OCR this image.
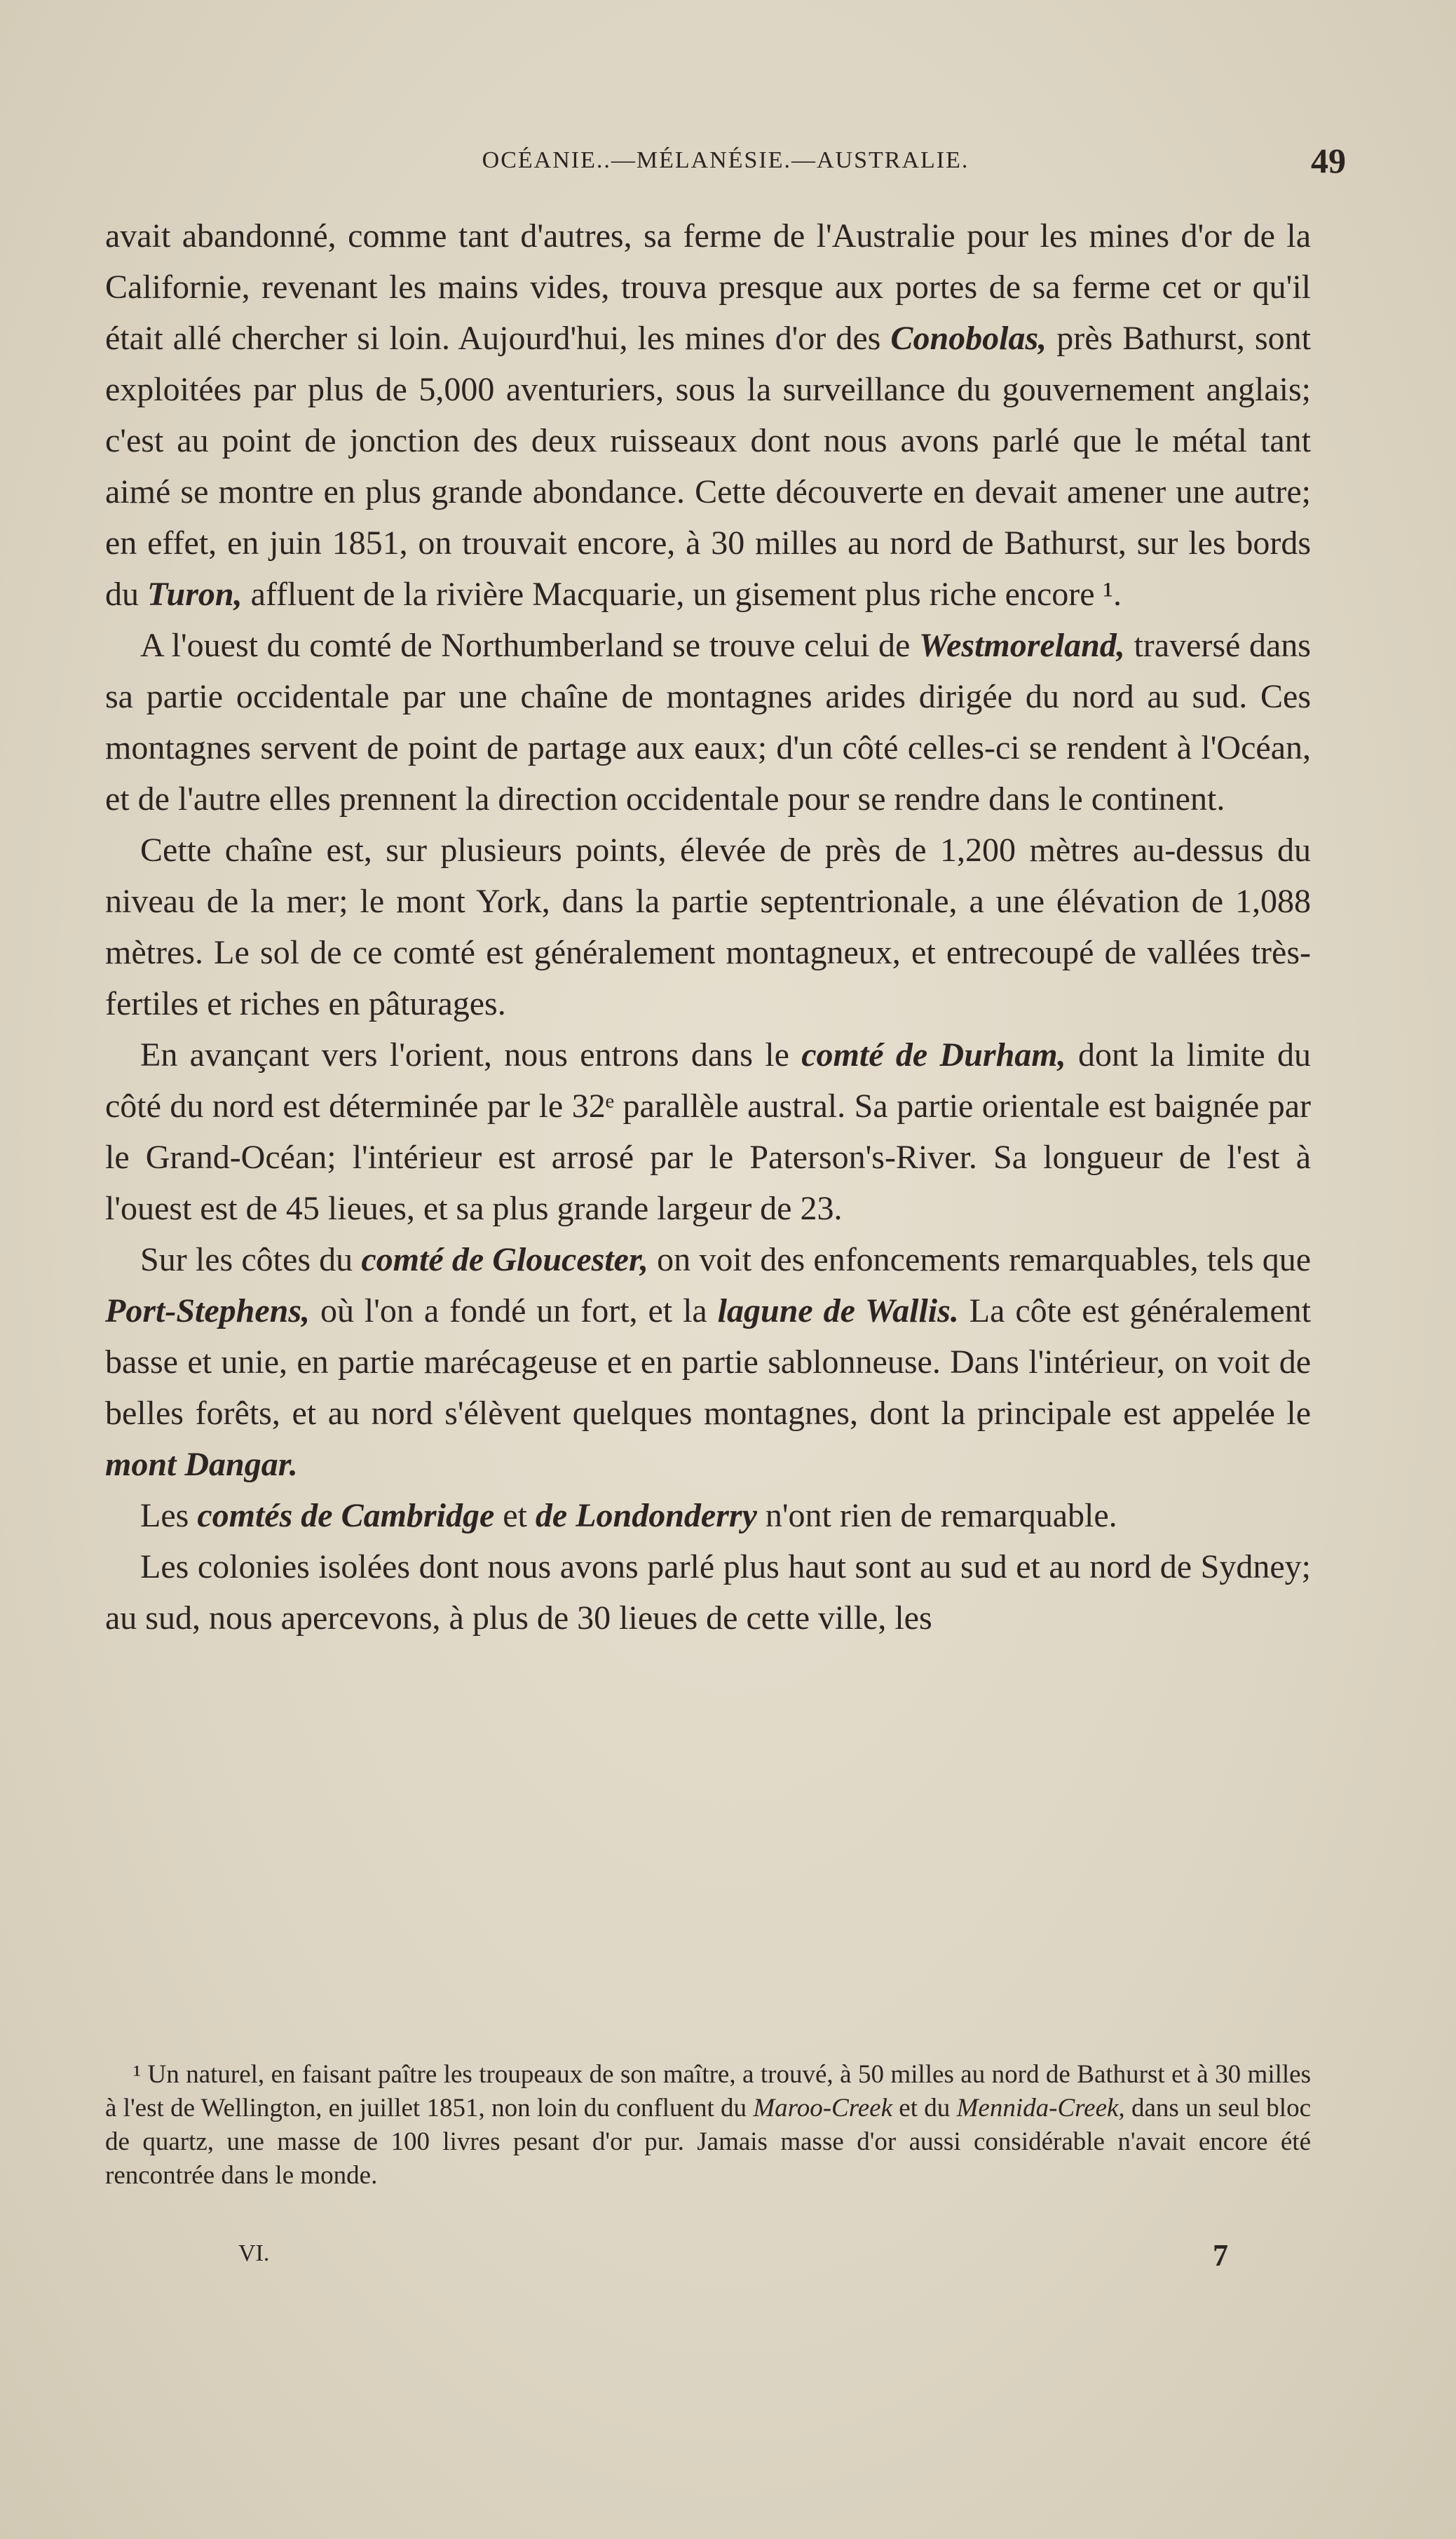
OCÉANIE..—MÉLANÉSIE.—AUSTRALIE.	49

avait abandonné, comme tant d'autres, sa ferme de l'Australie pour les mines d'or de la Californie, revenant les mains vides, trouva presque aux portes de sa ferme cet or qu'il était allé chercher si loin. Aujourd'hui, les mines d'or des Conobolas, près Bathurst, sont exploitées par plus de 5,000 aventuriers, sous la surveillance du gouvernement anglais; c'est au point de jonction des deux ruisseaux dont nous avons parlé que le métal tant aimé se montre en plus grande abondance. Cette découverte en devait amener une autre; en effet, en juin 1851, on trouvait encore, à 30 milles au nord de Bathurst, sur les bords du Turon, affluent de la rivière Macquarie, un gisement plus riche encore ¹.

A l'ouest du comté de Northumberland se trouve celui de Westmoreland, traversé dans sa partie occidentale par une chaîne de montagnes arides dirigée du nord au sud. Ces montagnes servent de point de partage aux eaux; d'un côté celles-ci se rendent à l'Océan, et de l'autre elles prennent la direction occidentale pour se rendre dans le continent.

Cette chaîne est, sur plusieurs points, élevée de près de 1,200 mètres au-dessus du niveau de la mer; le mont York, dans la partie septentrionale, a une élévation de 1,088 mètres. Le sol de ce comté est généralement montagneux, et entrecoupé de vallées très-fertiles et riches en pâturages.

En avançant vers l'orient, nous entrons dans le comté de Durham, dont la limite du côté du nord est déterminée par le 32ᵉ parallèle austral. Sa partie orientale est baignée par le Grand-Océan; l'intérieur est arrosé par le Paterson's-River. Sa longueur de l'est à l'ouest est de 45 lieues, et sa plus grande largeur de 23.

Sur les côtes du comté de Gloucester, on voit des enfoncements remarquables, tels que Port-Stephens, où l'on a fondé un fort, et la lagune de Wallis. La côte est généralement basse et unie, en partie marécageuse et en partie sablonneuse. Dans l'intérieur, on voit de belles forêts, et au nord s'élèvent quelques montagnes, dont la principale est appelée le mont Dangar.

Les comtés de Cambridge et de Londonderry n'ont rien de remarquable.

Les colonies isolées dont nous avons parlé plus haut sont au sud et au nord de Sydney; au sud, nous apercevons, à plus de 30 lieues de cette ville, les

¹ Un naturel, en faisant paître les troupeaux de son maître, a trouvé, à 50 milles au nord de Bathurst et à 30 milles à l'est de Wellington, en juillet 1851, non loin du confluent du Maroo-Creek et du Mennida-Creek, dans un seul bloc de quartz, une masse de 100 livres pesant d'or pur. Jamais masse d'or aussi considérable n'avait encore été rencontrée dans le monde.

VI.	7
